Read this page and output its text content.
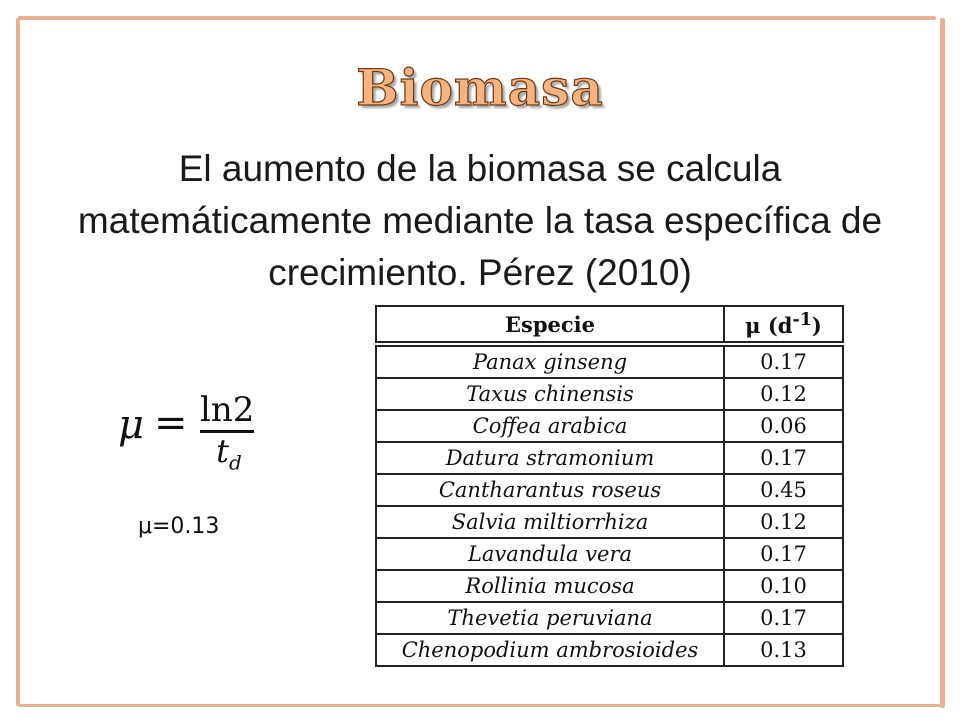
Biomasa

El aumento de la biomasa se calcula matemáticamente mediante la tasa específica de crecimiento. Pérez (2010)

μ = ln2
$t_d$
μ=0.13
Especie	μ $(d^{-1})$
Panax ginseng	0.17
Taxus chinensis	0.12
Coffea arabica	0.06
Datura stramonium	0.17
Cantharantus roseus	0.45
Salvia miltiorrhiza	0.12
Lavandula vera	0.17
Rollinia mucosa	0.10
Thevetia peruviana	0.17
Chenopodium ambrosioides	0.13
